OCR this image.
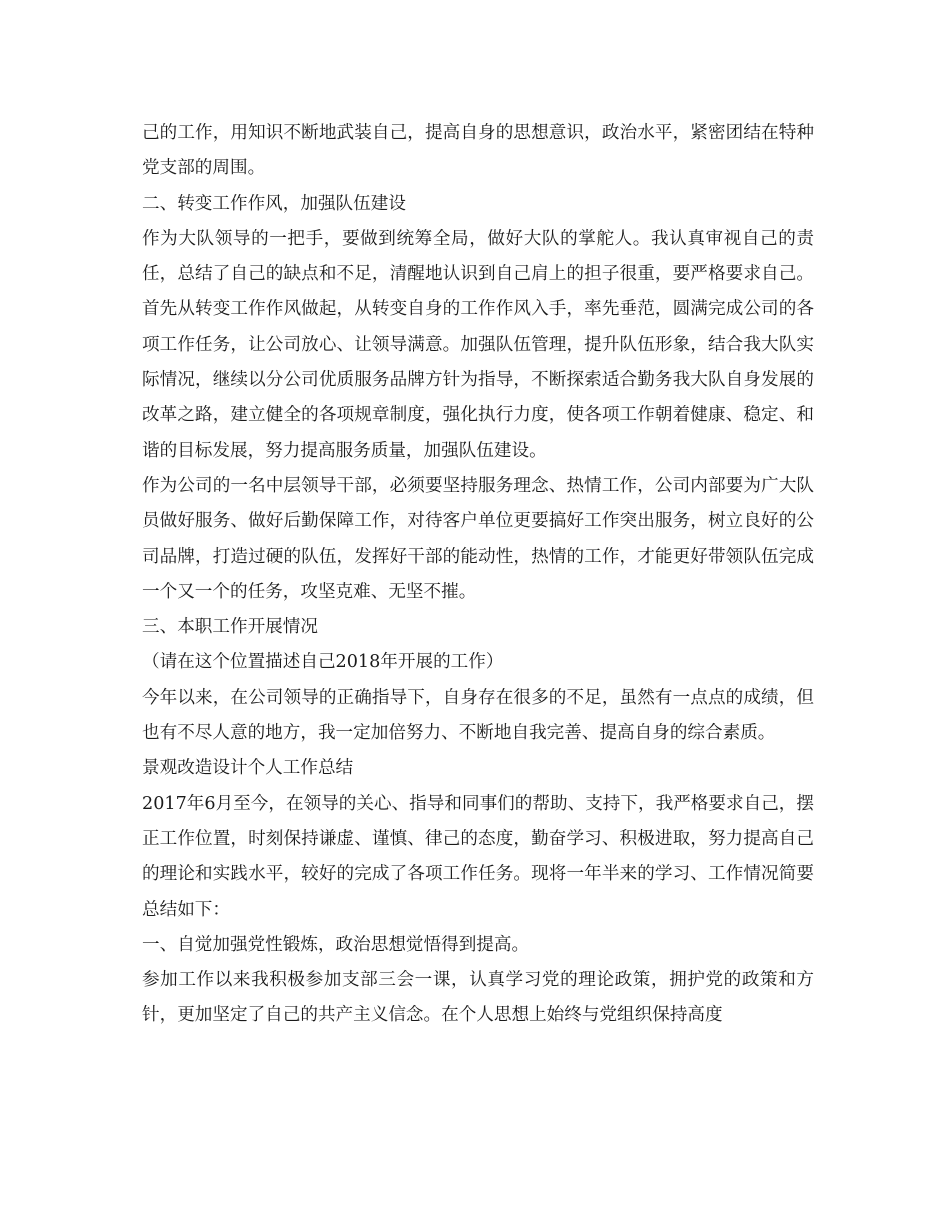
己的工作，用知识不断地武装自己，提高自身的思想意识，政治水平，紧密团结在特种党支部的周围。

二、转变工作作风，加强队伍建设

作为大队领导的一把手，要做到统筹全局，做好大队的掌舵人。我认真审视自己的责任，总结了自己的缺点和不足，清醒地认识到自己肩上的担子很重，要严格要求自己。首先从转变工作作风做起，从转变自身的工作作风入手，率先垂范，圆满完成公司的各项工作任务，让公司放心、让领导满意。加强队伍管理，提升队伍形象，结合我大队实际情况，继续以分公司优质服务品牌方针为指导，不断探索适合勤务我大队自身发展的改革之路，建立健全的各项规章制度，强化执行力度，使各项工作朝着健康、稳定、和谐的目标发展，努力提高服务质量，加强队伍建设。

作为公司的一名中层领导干部，必须要坚持服务理念、热情工作，公司内部要为广大队员做好服务、做好后勤保障工作，对待客户单位更要搞好工作突出服务，树立良好的公司品牌，打造过硬的队伍，发挥好干部的能动性，热情的工作，才能更好带领队伍完成一个又一个的任务，攻坚克难、无坚不摧。

三、本职工作开展情况

（请在这个位置描述自己2018年开展的工作）

今年以来，在公司领导的正确指导下，自身存在很多的不足，虽然有一点点的成绩，但也有不尽人意的地方，我一定加倍努力、不断地自我完善、提高自身的综合素质。

景观改造设计个人工作总结

2017年6月至今，在领导的关心、指导和同事们的帮助、支持下，我严格要求自己，摆正工作位置，时刻保持谦虚、谨慎、律己的态度，勤奋学习、积极进取，努力提高自己的理论和实践水平，较好的完成了各项工作任务。现将一年半来的学习、工作情况简要总结如下：

一、自觉加强党性锻炼，政治思想觉悟得到提高。

参加工作以来我积极参加支部三会一课，认真学习党的理论政策，拥护党的政策和方针，更加坚定了自己的共产主义信念。在个人思想上始终与党组织保持高度
